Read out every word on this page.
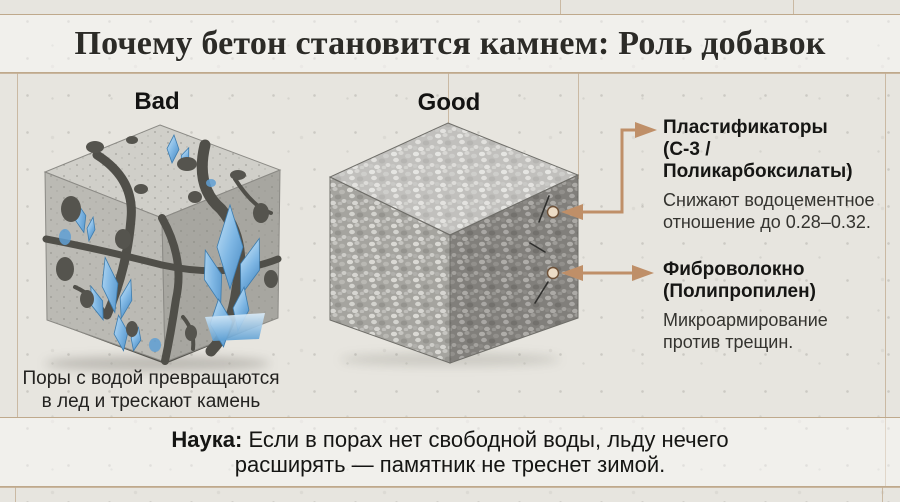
Почему бетон становится камнем: Роль добавок
Bad	Good
Пластификаторы
(С-3 / Поликарбоксилаты)
Снижают водоцементное
отношение до 0.28–0.32.
Фиброволокно
(Полипропилен)
Микроармирование
против трещин.
Поры с водой превращаются
в лед и трескают камень
Наука: Если в порах нет свободной воды, льду нечего
расширять — памятник не треснет зимой.
